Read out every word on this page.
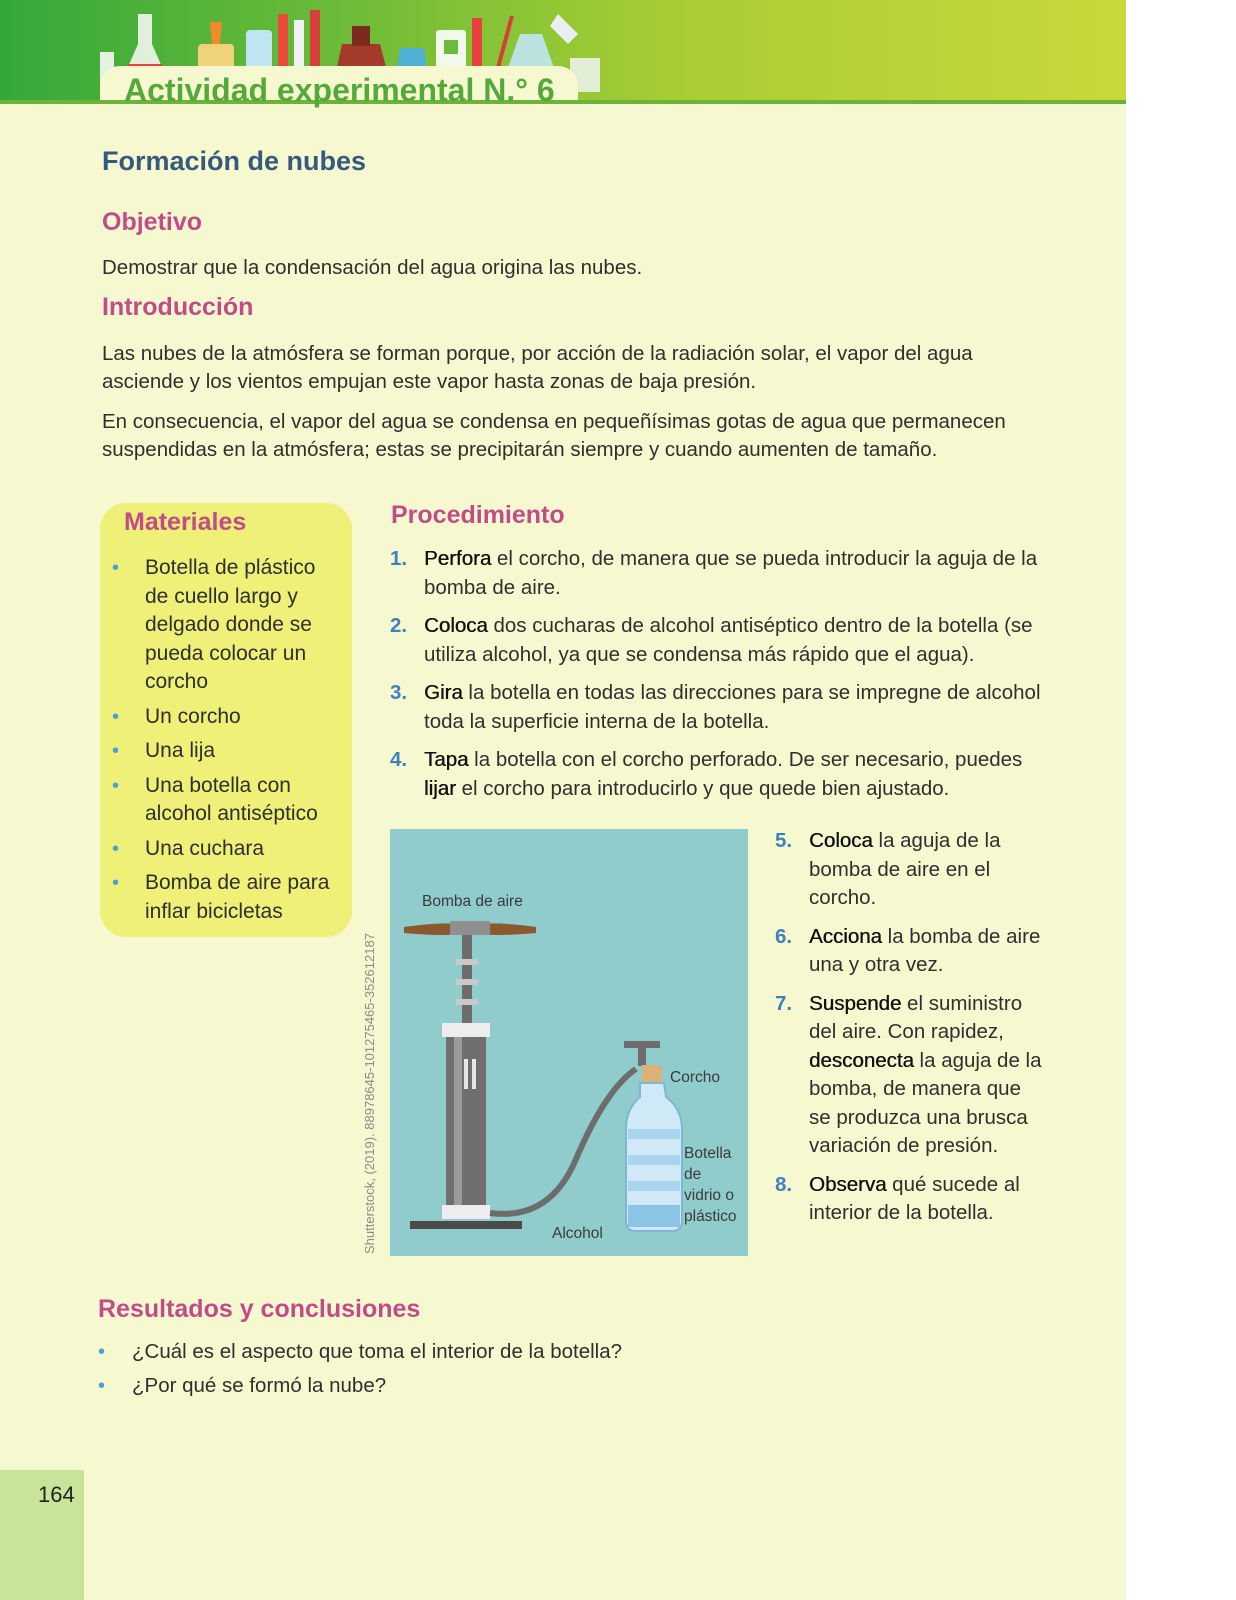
Actividad experimental N.° 6
Formación de nubes
Objetivo
Demostrar que la condensación del agua origina las nubes.
Introducción
Las nubes de la atmósfera se forman porque, por acción de la radiación solar, el vapor del agua
asciende y los vientos empujan este vapor hasta zonas de baja presión.
En consecuencia, el vapor del agua se condensa en pequeñísimas gotas de agua que permanecen
suspendidas en la atmósfera; estas se precipitarán siempre y cuando aumenten de tamaño.
Materiales
• Botella de plástico de cuello largo y delgado donde se pueda colocar un corcho
• Un corcho
• Una lija
• Una botella con alcohol antiséptico
• Una cuchara
• Bomba de aire para inflar bicicletas
Procedimiento
1. Perfora el corcho, de manera que se pueda introducir la aguja de la bomba de aire.
2. Coloca dos cucharas de alcohol antiséptico dentro de la botella (se utiliza alcohol, ya que se condensa más rápido que el agua).
3. Gira la botella en todas las direcciones para se impregne de alcohol toda la superficie interna de la botella.
4. Tapa la botella con el corcho perforado. De ser necesario, puedes lijar el corcho para introducirlo y que quede bien ajustado.
Bomba de aire
Corcho
Botella
de
vidrio o
plástico
Alcohol
Shutterstock, (2019). 88978645-101275465-352612187
5. Coloca la aguja de la bomba de aire en el corcho.
6. Acciona la bomba de aire una y otra vez.
7. Suspende el suministro del aire. Con rapidez, desconecta la aguja de la bomba, de manera que se produzca una brusca variación de presión.
8. Observa qué sucede al interior de la botella.
Resultados y conclusiones
• ¿Cuál es el aspecto que toma el interior de la botella?
• ¿Por qué se formó la nube?
164
